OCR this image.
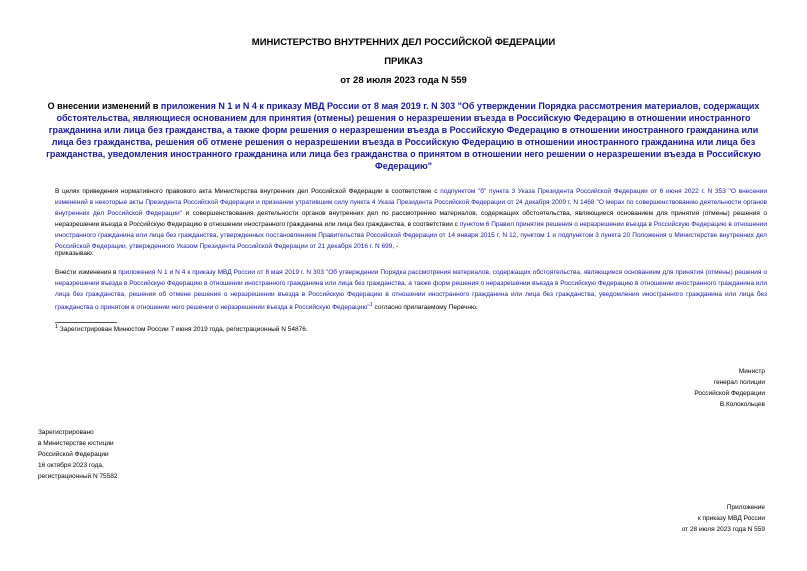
МИНИСТЕРСТВО ВНУТРЕННИХ ДЕЛ РОССИЙСКОЙ ФЕДЕРАЦИИ
ПРИКАЗ
от 28 июля 2023 года N 559
О внесении изменений в приложения N 1 и N 4 к приказу МВД России от 8 мая 2019 г. N 303 "Об утверждении Порядка рассмотрения материалов, содержащих обстоятельства, являющиеся основанием для принятия (отмены) решения о неразрешении въезда в Российскую Федерацию в отношении иностранного гражданина или лица без гражданства, а также форм решения о неразрешении въезда в Российскую Федерацию в отношении иностранного гражданина или лица без гражданства, решения об отмене решения о неразрешении въезда в Российскую Федерацию в отношении иностранного гражданина или лица без гражданства, уведомления иностранного гражданина или лица без гражданства о принятом в отношении него решении о неразрешении въезда в Российскую Федерацию"
В целях приведения нормативного правового акта Министерства внутренних дел Российской Федерации в соответствие с подпунктом "б" пункта 3 Указа Президента Российской Федерации от 6 июня 2022 г. N 353 "О внесении изменений в некоторые акты Президента Российской Федерации и признании утратившим силу пункта 4 Указа Президента Российской Федерации от 24 декабря 2009 г. N 1468 "О мерах по совершенствованию деятельности органов внутренних дел Российской Федерации" и совершенствования деятельности органов внутренних дел по рассмотрению материалов, содержащих обстоятельства, являющиеся основанием для принятия (отмены) решения о неразрешении въезда в Российскую Федерацию в отношении иностранного гражданина или лица без гражданства, в соответствии с пунктом 6 Правил принятия решения о неразрешении въезда в Российскую Федерацию в отношении иностранного гражданина или лица без гражданства, утвержденных постановлением Правительства Российской Федерации от 14 января 2015 г. N 12, пунктом 1 и подпунктом 3 пункта 20 Положения о Министерстве внутренних дел Российской Федерации, утвержденного Указом Президента Российской Федерации от 21 декабря 2016 г. N 699, -
приказываю:
Внести изменения в приложения N 1 и N 4 к приказу МВД России от 8 мая 2019 г. N 303 "Об утверждении Порядка рассмотрения материалов, содержащих обстоятельства, являющиеся основанием для принятия (отмены) решения о неразрешении въезда в Российскую Федерацию в отношении иностранного гражданина или лица без гражданства, а также форм решения о неразрешении въезда в Российскую Федерацию в отношении иностранного гражданина или лица без гражданства, решения об отмене решения о неразрешении въезда в Российскую Федерацию в отношении иностранного гражданина или лица без гражданства, уведомления иностранного гражданина или лица без гражданства о принятом в отношении него решении о неразрешении въезда в Российскую Федерацию"$^1$ согласно прилагаемому Перечню.
$^1$ Зарегистрирован Минюстом России 7 июня 2019 года, регистрационный N 54876.
Министр
генерал полиции
Российской Федерации
В.Колокольцев
Зарегистрировано
в Министерстве юстиции
Российской Федерации
16 октября 2023 года,
регистрационный N 75582
Приложение
к приказу МВД России
от 28 июля 2023 года N 559
